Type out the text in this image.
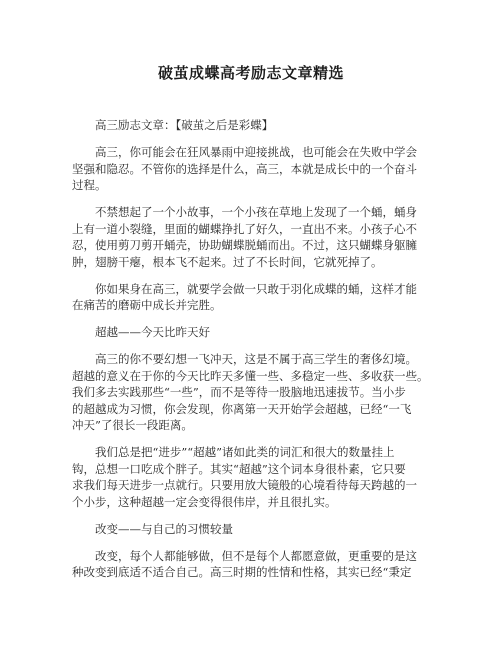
破茧成蝶高考励志文章精选
高三励志文章：【破茧之后是彩蝶】
高三，你可能会在狂风暴雨中迎接挑战，也可能会在失败中学会
坚强和隐忍。不管你的选择是什么，高三，本就是成长中的一个奋斗
过程。
不禁想起了一个小故事，一个小孩在草地上发现了一个蛹，蛹身
上有一道小裂缝，里面的蝴蝶挣扎了好久，一直出不来。小孩子心不
忍，使用剪刀剪开蛹壳，协助蝴蝶脱蛹而出。不过，这只蝴蝶身躯臃
肿，翅膀干瘪，根本飞不起来。过了不长时间，它就死掉了。
你如果身在高三，就要学会做一只敢于羽化成蝶的蛹，这样才能
在痛苦的磨砺中成长并完胜。
超越——今天比昨天好
高三的你不要幻想一飞冲天，这是不属于高三学生的奢侈幻境。
超越的意义在于你的今天比昨天多懂一些、多稳定一些、多收获一些。
我们多去实践那些“一些”，而不是等待一股脑地迅速拔节。当小步
的超越成为习惯，你会发现，你离第一天开始学会超越，已经“一飞
冲天”了很长一段距离。
我们总是把“进步”“超越”诸如此类的词汇和很大的数量挂上
钩，总想一口吃成个胖子。其实“超越”这个词本身很朴素，它只要
求我们每天进步一点就行。只要用放大镜般的心境看待每天跨越的一
个小步，这种超越一定会变得很伟岸，并且很扎实。
改变——与自己的习惯较量
改变，每个人都能够做，但不是每个人都愿意做，更重要的是这
种改变到底适不适合自己。高三时期的性情和性格，其实已经“秉定
